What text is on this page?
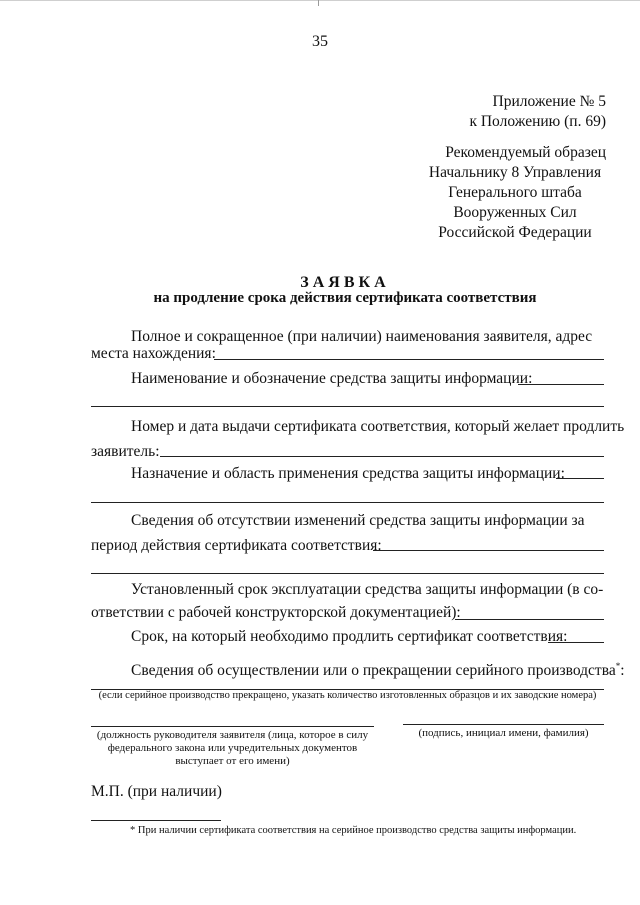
35
Приложение № 5
к Положению (п. 69)
Рекомендуемый образец
Начальнику 8 Управления
Генерального штаба
Вооруженных Сил
Российской Федерации
ЗАЯВКА
на продление срока действия сертификата соответствия
Полное и сокращенное (при наличии) наименования заявителя, адрес
места нахождения:
Наименование и обозначение средства защиты информации:
Номер и дата выдачи сертификата соответствия, который желает продлить
заявитель:
Назначение и область применения средства защиты информации:
Сведения об отсутствии изменений средства защиты информации за
период действия сертификата соответствия:
Установленный срок эксплуатации средства защиты информации (в со-
ответствии с рабочей конструкторской документацией):
Срок, на который необходимо продлить сертификат соответствия:
Сведения об осуществлении или о прекращении серийного производства*:
(если серийное производство прекращено, указать количество изготовленных образцов и их заводские номера)
(должность руководителя заявителя (лица, которое в силу
федерального закона или учредительных документов
выступает от его имени)
(подпись, инициал имени, фамилия)
М.П. (при наличии)
* При наличии сертификата соответствия на серийное производство средства защиты информации.
